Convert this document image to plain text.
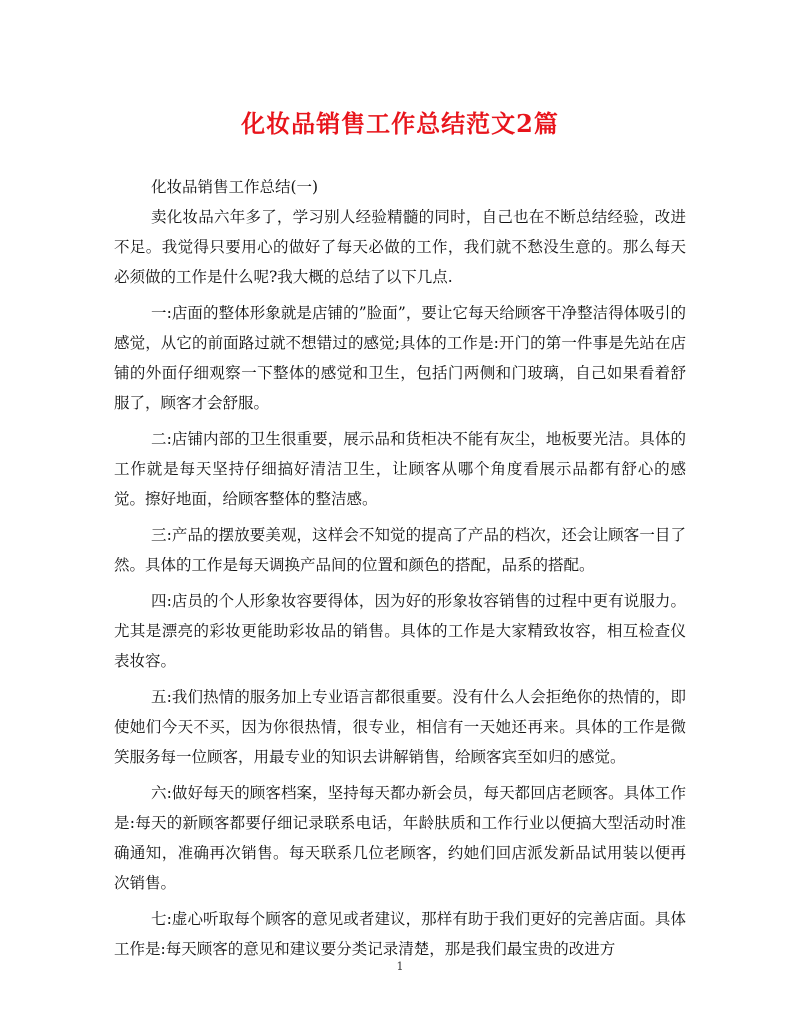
化妆品销售工作总结范文2篇

化妆品销售工作总结(一)

卖化妆品六年多了，学习别人经验精髓的同时，自己也在不断总结经验，改进不足。我觉得只要用心的做好了每天必做的工作，我们就不愁没生意的。那么每天必须做的工作是什么呢?我大概的总结了以下几点.

一:店面的整体形象就是店铺的”脸面”，要让它每天给顾客干净整洁得体吸引的感觉，从它的前面路过就不想错过的感觉;具体的工作是:开门的第一件事是先站在店铺的外面仔细观察一下整体的感觉和卫生，包括门两侧和门玻璃，自己如果看着舒服了，顾客才会舒服。

二:店铺内部的卫生很重要，展示品和货柜决不能有灰尘，地板要光洁。具体的工作就是每天坚持仔细搞好清洁卫生，让顾客从哪个角度看展示品都有舒心的感觉。擦好地面，给顾客整体的整洁感。

三:产品的摆放要美观，这样会不知觉的提高了产品的档次，还会让顾客一目了然。具体的工作是每天调换产品间的位置和颜色的搭配，品系的搭配。

四:店员的个人形象妆容要得体，因为好的形象妆容销售的过程中更有说服力。尤其是漂亮的彩妆更能助彩妆品的销售。具体的工作是大家精致妆容，相互检查仪表妆容。

五:我们热情的服务加上专业语言都很重要。没有什么人会拒绝你的热情的，即使她们今天不买，因为你很热情，很专业，相信有一天她还再来。具体的工作是微笑服务每一位顾客，用最专业的知识去讲解销售，给顾客宾至如归的感觉。

六:做好每天的顾客档案，坚持每天都办新会员，每天都回店老顾客。具体工作是:每天的新顾客都要仔细记录联系电话，年龄肤质和工作行业以便搞大型活动时准确通知，准确再次销售。每天联系几位老顾客，约她们回店派发新品试用装以便再次销售。

七:虚心听取每个顾客的意见或者建议，那样有助于我们更好的完善店面。具体工作是:每天顾客的意见和建议要分类记录清楚，那是我们最宝贵的改进方

1
